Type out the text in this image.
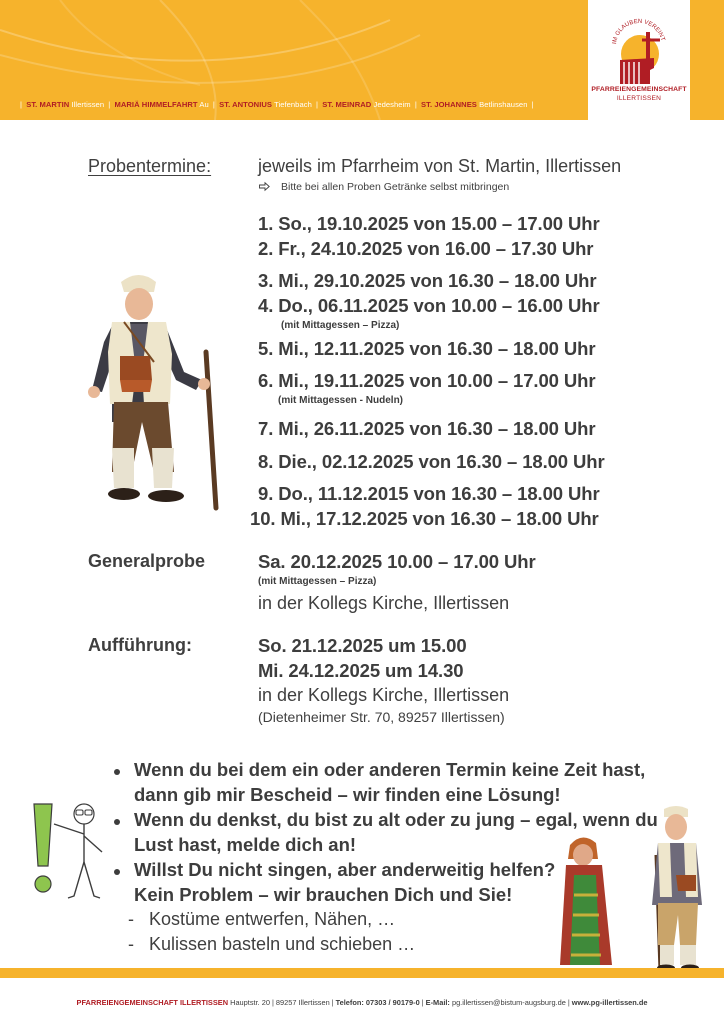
| ST. MARTIN Illertissen | MARIÄ HIMMELFAHRT Au | ST. ANTONIUS Tiefenbach | ST. MEINRAD Jedesheim | ST. JOHANNES Betlinshausen |
IM GLAUBEN VEREINT
PFARREIENGEMEINSCHAFT
ILLERTISSEN
Probentermine:	jeweils im Pfarrheim von St. Martin, Illertissen
Bitte bei allen Proben Getränke selbst mitbringen
1. So., 19.10.2025 von 15.00 – 17.00 Uhr
2. Fr., 24.10.2025 von 16.00 – 17.30 Uhr
3. Mi., 29.10.2025 von 16.30 – 18.00 Uhr
4. Do., 06.11.2025 von 10.00 – 16.00 Uhr
(mit Mittagessen – Pizza)
5. Mi., 12.11.2025 von 16.30 – 18.00 Uhr
6. Mi., 19.11.2025 von 10.00 – 17.00 Uhr
(mit Mittagessen - Nudeln)
7. Mi., 26.11.2025 von 16.30 – 18.00 Uhr
8. Die., 02.12.2025 von 16.30 – 18.00 Uhr
9. Do., 11.12.2015 von 16.30 – 18.00 Uhr
10. Mi., 17.12.2025 von 16.30 – 18.00 Uhr
Generalprobe	Sa. 20.12.2025 10.00 – 17.00 Uhr
(mit Mittagessen – Pizza)
in der Kollegs Kirche, Illertissen
Aufführung:	So. 21.12.2025 um 15.00
Mi. 24.12.2025 um 14.30
in der Kollegs Kirche, Illertissen
(Dietenheimer Str. 70, 89257 Illertissen)
Wenn du bei dem ein oder anderen Termin keine Zeit hast,
dann gib mir Bescheid – wir finden eine Lösung!
Wenn du denkst, du bist zu alt oder zu jung – egal, wenn du
Lust hast, melde dich an!
Willst Du nicht singen, aber anderweitig helfen?
Kein Problem – wir brauchen Dich und Sie!
-   Kostüme entwerfen, Nähen, …
-   Kulissen basteln und schieben …
PFARREIENGEMEINSCHAFT ILLERTISSEN Hauptstr. 20 | 89257 Illertissen | Telefon: 07303 / 90179-0 | E-Mail: pg.illertissen@bistum-augsburg.de | www.pg-illertissen.de
